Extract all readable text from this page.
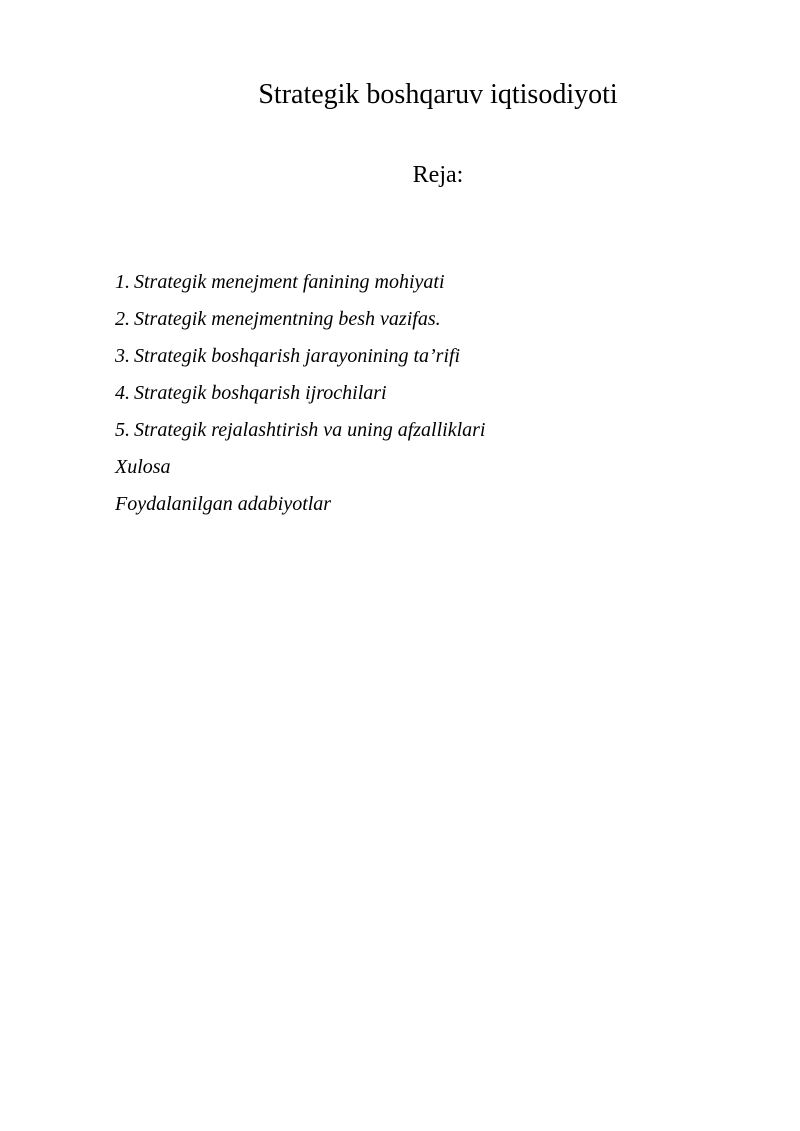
Strategik boshqaruv iqtisodiyoti
Reja:
1. Strategik menejment fanining mohiyati
2. Strategik menejmentning besh vazifas.
3. Strategik boshqarish jarayonining ta’rifi
4. Strategik boshqarish ijrochilari
5. Strategik rejalashtirish va uning afzalliklari
Xulosa
Foydalanilgan adabiyotlar
